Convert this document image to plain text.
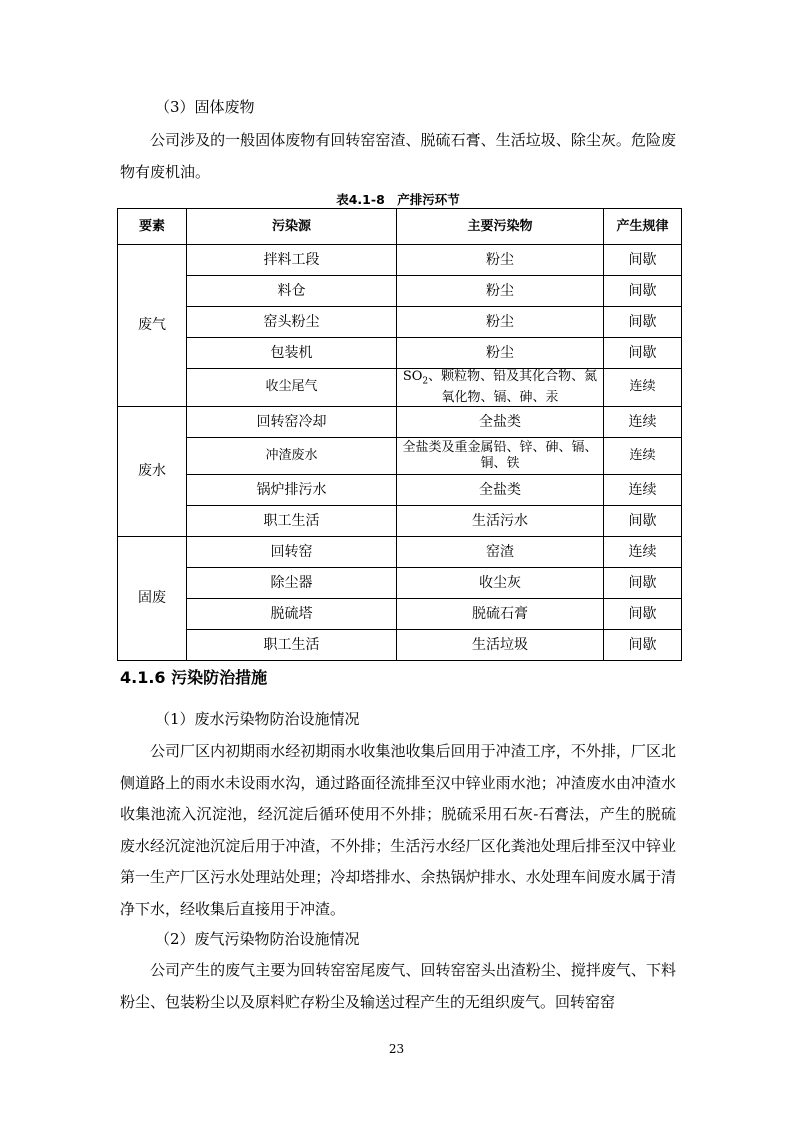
（3）固体废物
公司涉及的一般固体废物有回转窑窑渣、脱硫石膏、生活垃圾、除尘灰。危险废物有废机油。
表4.1-8　产排污环节
要素	污染源	主要污染物	产生规律
废气	拌料工段	粉尘	间歇
	料仓	粉尘	间歇
	窑头粉尘	粉尘	间歇
	包装机	粉尘	间歇
	收尘尾气	$SO_2$、颗粒物、铅及其化合物、氮氧化物、镉、砷、汞	连续
废水	回转窑冷却	全盐类	连续
	冲渣废水	全盐类及重金属铅、锌、砷、镉、铜、铁	连续
	锅炉排污水	全盐类	连续
	职工生活	生活污水	间歇
固废	回转窑	窑渣	连续
	除尘器	收尘灰	间歇
	脱硫塔	脱硫石膏	间歇
	职工生活	生活垃圾	间歇
4.1.6 污染防治措施
（1）废水污染物防治设施情况
公司厂区内初期雨水经初期雨水收集池收集后回用于冲渣工序，不外排，厂区北侧道路上的雨水未设雨水沟，通过路面径流排至汉中锌业雨水池；冲渣废水由冲渣水收集池流入沉淀池，经沉淀后循环使用不外排；脱硫采用石灰-石膏法，产生的脱硫废水经沉淀池沉淀后用于冲渣，不外排；生活污水经厂区化粪池处理后排至汉中锌业第一生产厂区污水处理站处理；冷却塔排水、余热锅炉排水、水处理车间废水属于清净下水，经收集后直接用于冲渣。
（2）废气污染物防治设施情况
公司产生的废气主要为回转窑窑尾废气、回转窑窑头出渣粉尘、搅拌废气、下料粉尘、包装粉尘以及原料贮存粉尘及输送过程产生的无组织废气。回转窑窑
23
